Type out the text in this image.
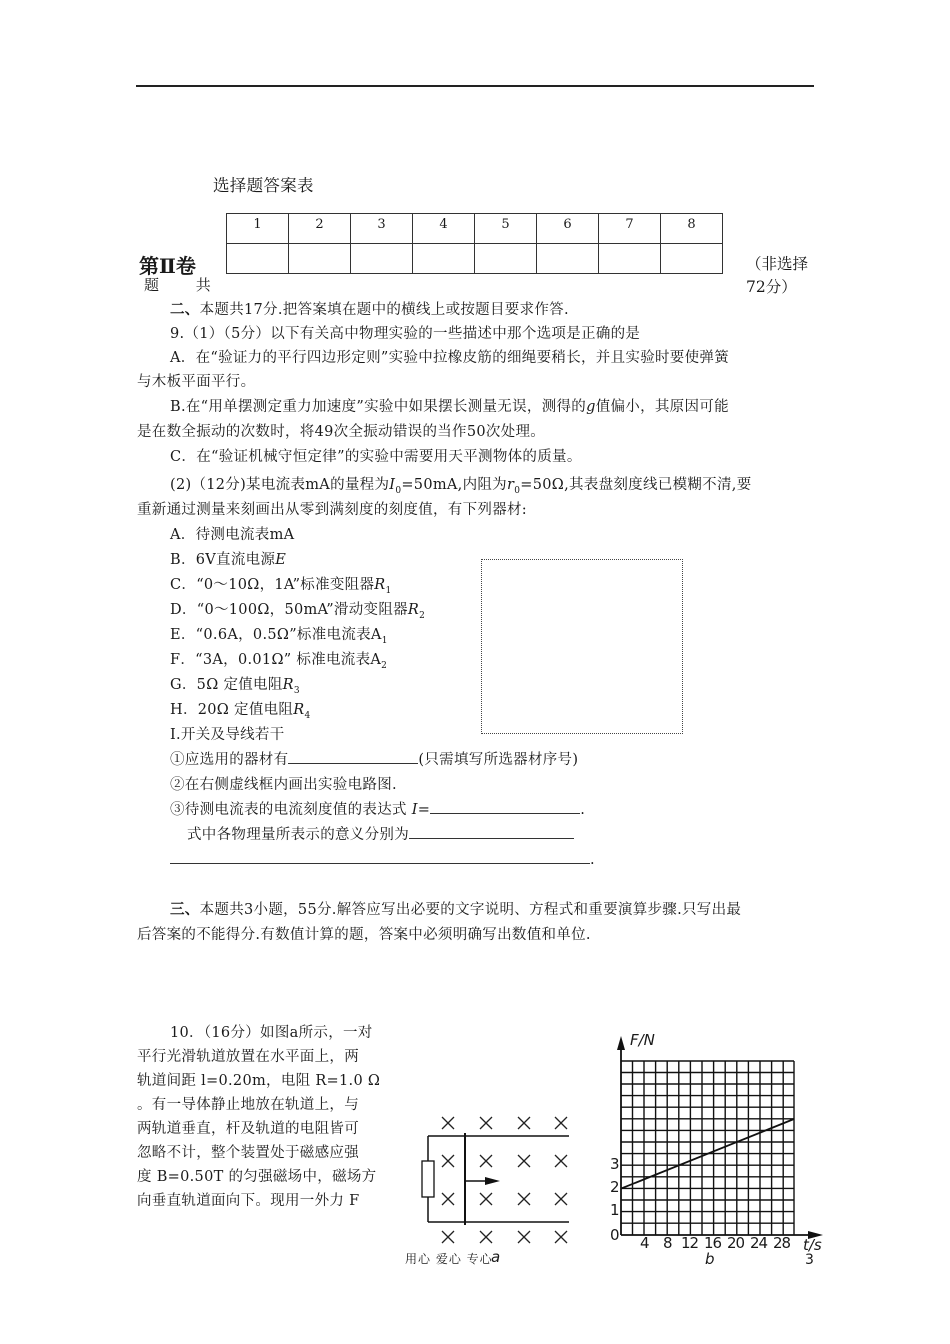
选择题答案表
1	2	3	4	5	6	7	8

第Ⅱ卷
题 共
（非选择
72分）
二、本题共17分.把答案填在题中的横线上或按题目要求作答.
9.（1）（5分）以下有关高中物理实验的一些描述中那个选项是正确的是
A．在“验证力的平行四边形定则”实验中拉橡皮筋的细绳要稍长，并且实验时要使弹簧
与木板平面平行。
B.在“用单摆测定重力加速度”实验中如果摆长测量无误，测得的g值偏小，其原因可能
是在数全振动的次数时，将49次全振动错误的当作50次处理。
C．在“验证机械守恒定律”的实验中需要用天平测物体的质量。
(2)（12分)某电流表mA的量程为$I_0=50mA$,内阻为$r_0=50\Omega$,其表盘刻度线已模糊不清,要
重新通过测量来刻画出从零到满刻度的刻度值，有下列器材:
A．待测电流表mA
B．6V直流电源E
C．“0～10Ω，1A”标准变阻器$R_1$
D．“0～100Ω，50mA”滑动变阻器$R_2$
E．“0.6A，0.5Ω”标准电流表$A_1$
F．“3A，0.01Ω” 标准电流表$A_2$
G．5Ω 定值电阻$R_3$
H．20Ω 定值电阻$R_4$
I.开关及导线若干
①应选用的器材有	(只需填写所选器材序号)
②在右侧虚线框内画出实验电路图.
③待测电流表的电流刻度值的表达式 I=	.
式中各物理量所表示的意义分别为
.
三、本题共3小题，55分.解答应写出必要的文字说明、方程式和重要演算步骤.只写出最
后答案的不能得分.有数值计算的题，答案中必须明确写出数值和单位.
10．（16分）如图a所示，一对
平行光滑轨道放置在水平面上，两
轨道间距 l=0.20m，电阻 R=1.0 Ω
。有一导体静止地放在轨道上，与
两轨道垂直，杆及轨道的电阻皆可
忽略不计，整个装置处于磁感应强
度 B=0.50T 的匀强磁场中，磁场方
向垂直轨道面向下。现用一外力 F
用心 爱心 专心
a
F/N
t/s
3
b
0
1
2
3
4 8 12 16 20 24 28
